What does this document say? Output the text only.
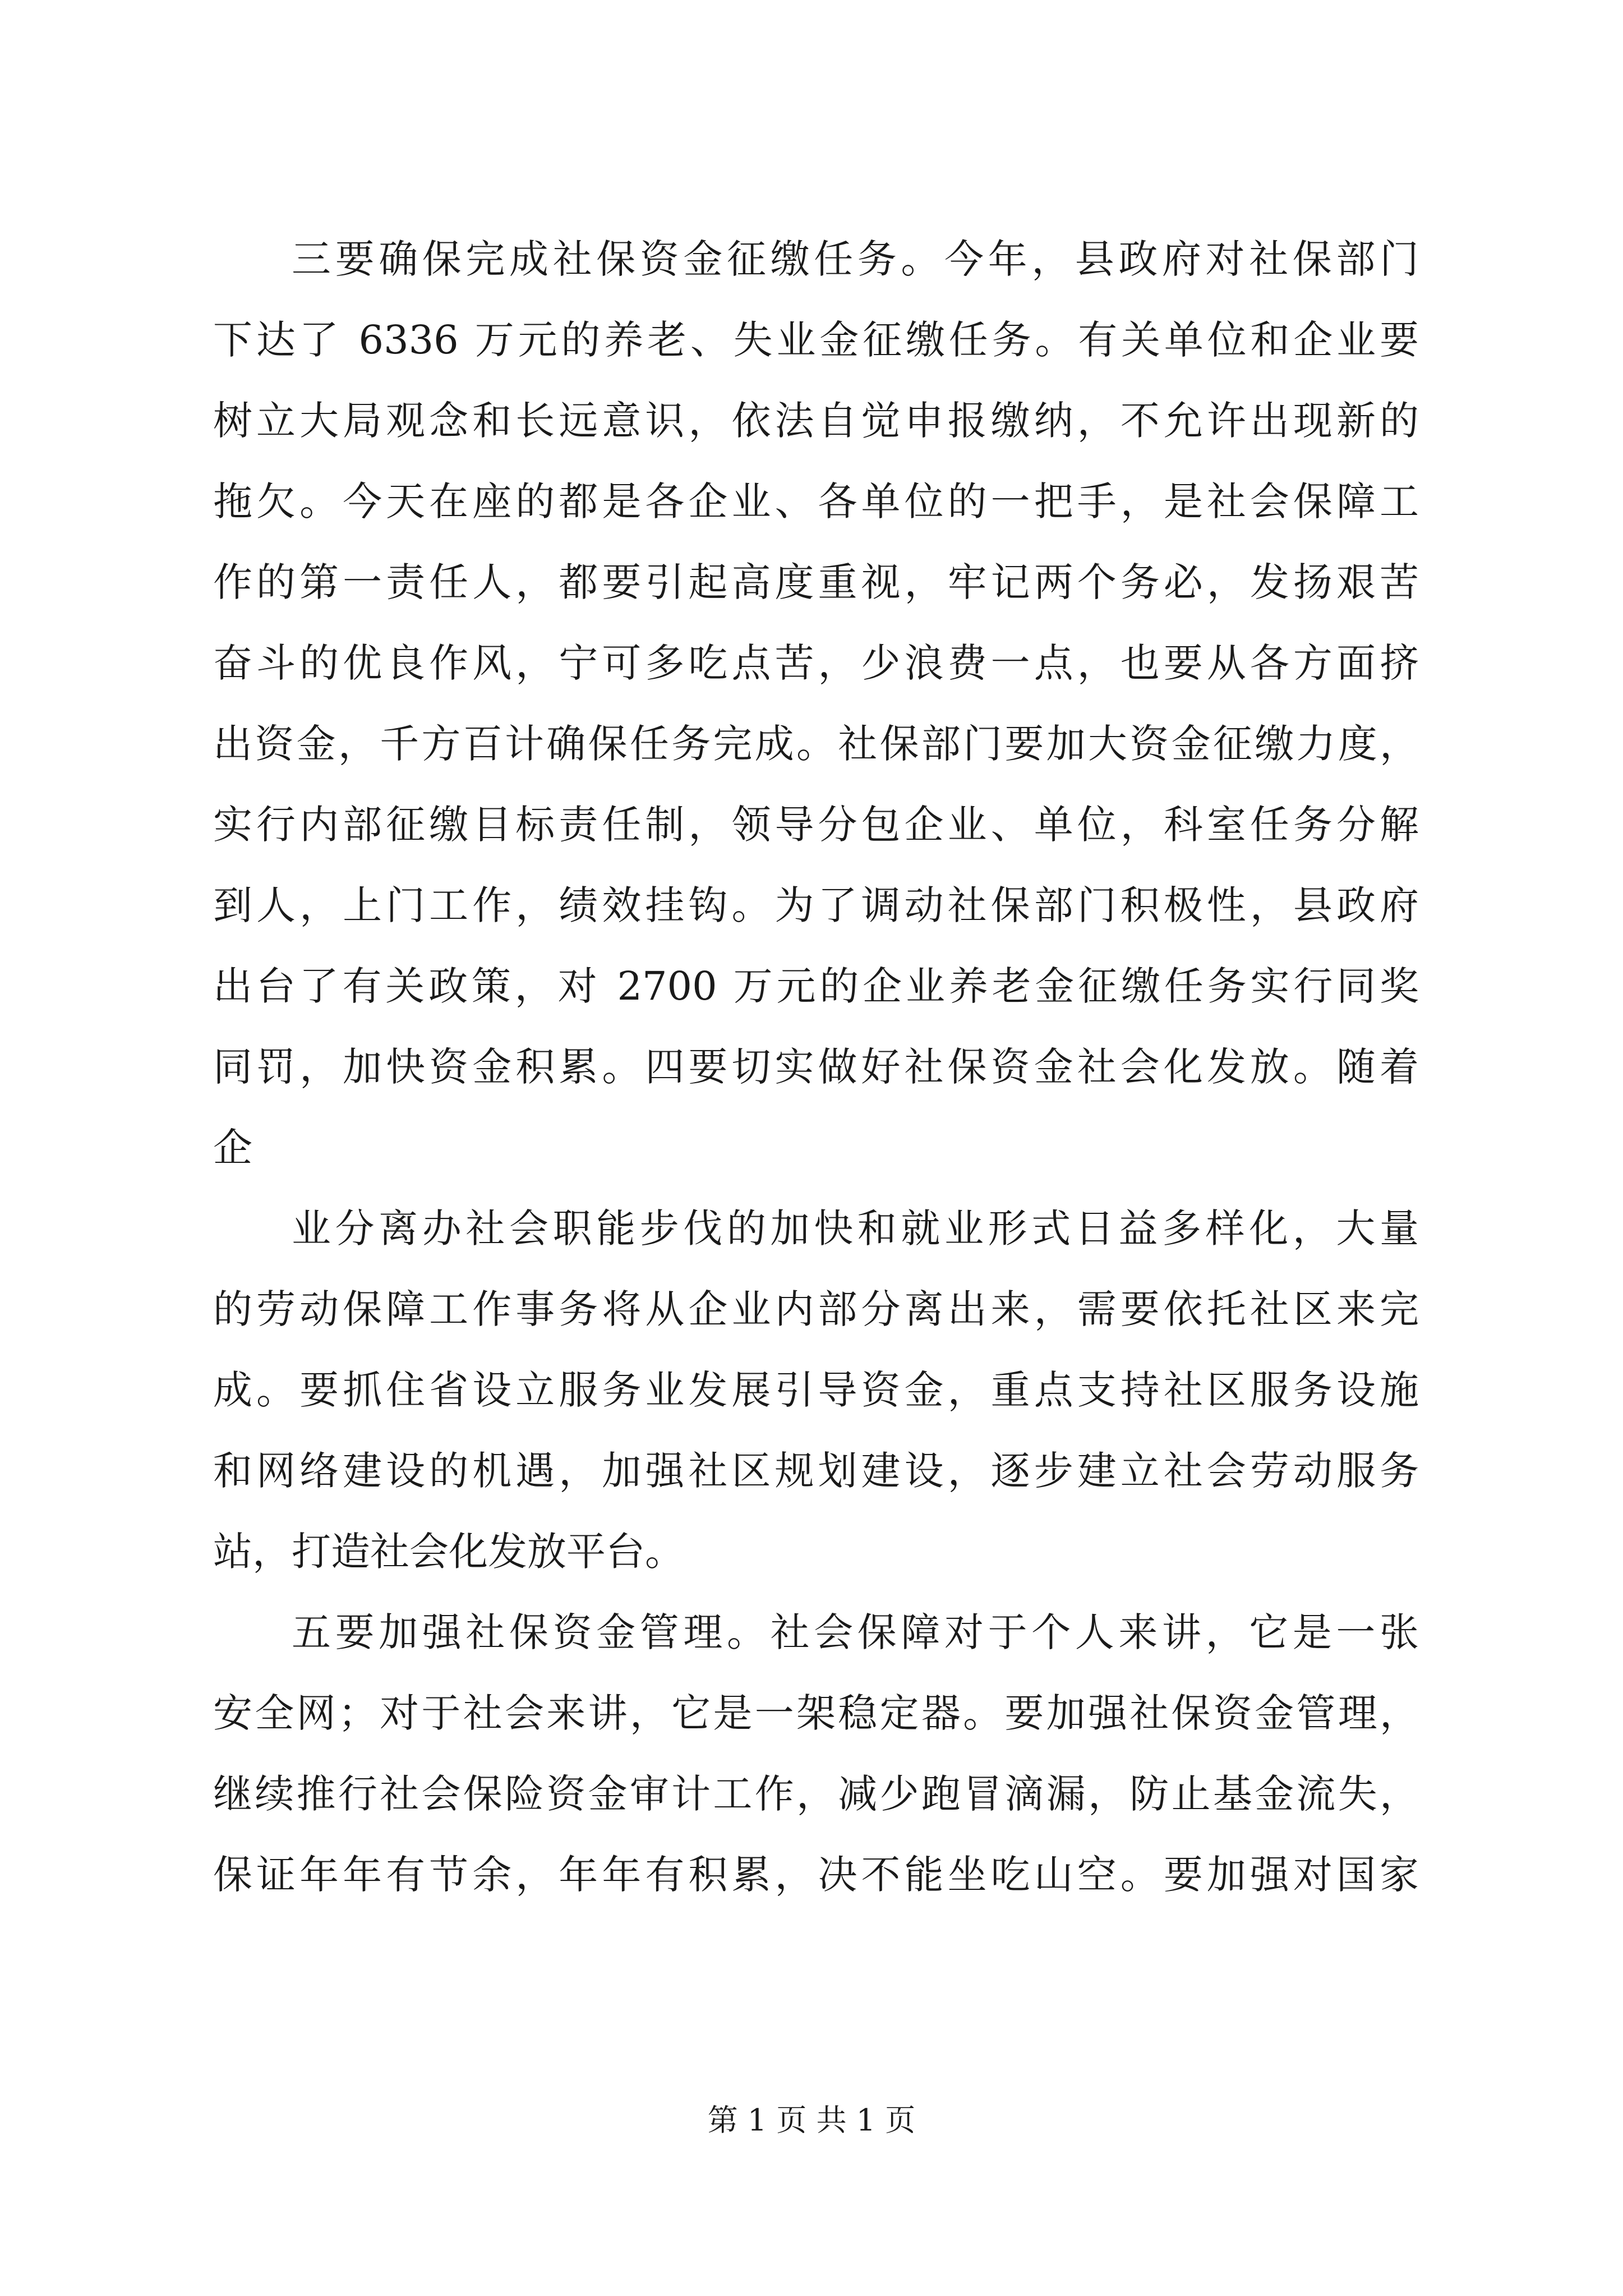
三要确保完成社保资金征缴任务。今年，县政府对社保部门
下达了 6336 万元的养老、失业金征缴任务。有关单位和企业要
树立大局观念和长远意识，依法自觉申报缴纳，不允许出现新的
拖欠。今天在座的都是各企业、各单位的一把手，是社会保障工
作的第一责任人，都要引起高度重视，牢记两个务必，发扬艰苦
奋斗的优良作风，宁可多吃点苦，少浪费一点，也要从各方面挤
出资金，千方百计确保任务完成。社保部门要加大资金征缴力度，
实行内部征缴目标责任制，领导分包企业、单位，科室任务分解
到人，上门工作，绩效挂钩。为了调动社保部门积极性，县政府
出台了有关政策，对 2700 万元的企业养老金征缴任务实行同奖
同罚，加快资金积累。四要切实做好社保资金社会化发放。随着
企
业分离办社会职能步伐的加快和就业形式日益多样化，大量
的劳动保障工作事务将从企业内部分离出来，需要依托社区来完
成。要抓住省设立服务业发展引导资金，重点支持社区服务设施
和网络建设的机遇，加强社区规划建设，逐步建立社会劳动服务
站，打造社会化发放平台。
五要加强社保资金管理。社会保障对于个人来讲，它是一张
安全网；对于社会来讲，它是一架稳定器。要加强社保资金管理，
继续推行社会保险资金审计工作，减少跑冒滴漏，防止基金流失，
保证年年有节余，年年有积累，决不能坐吃山空。要加强对国家
第 1 页 共 1 页
